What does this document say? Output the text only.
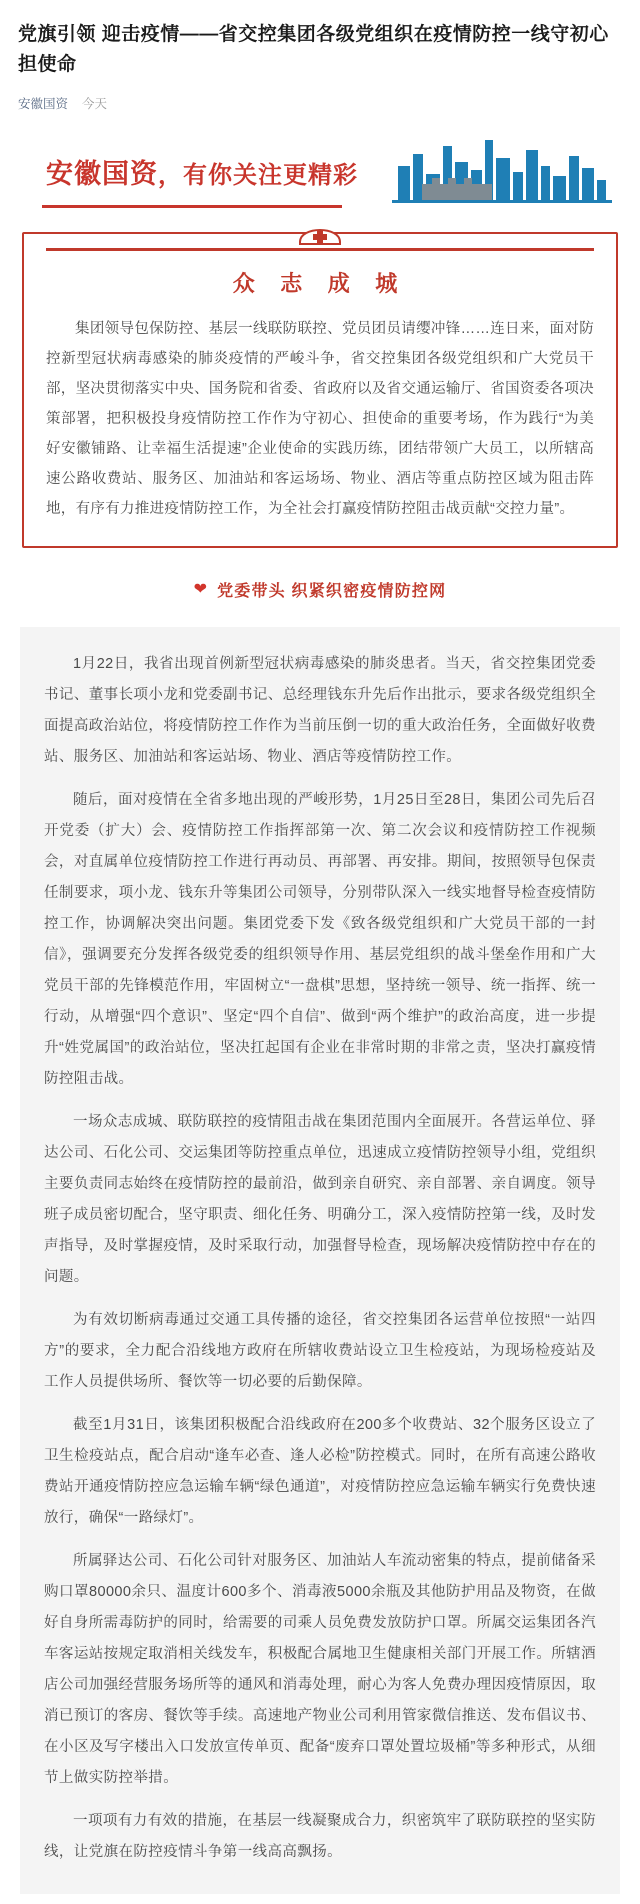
党旗引领 迎击疫情——省交控集团各级党组织在疫情防控一线守初心担使命
安徽国资 今天
安徽国资，有你关注更精彩
众 志 成 城

集团领导包保防控、基层一线联防联控、党员团员请缨冲锋……连日来，面对防控新型冠状病毒感染的肺炎疫情的严峻斗争，省交控集团各级党组织和广大党员干部，坚决贯彻落实中央、国务院和省委、省政府以及省交通运输厅、省国资委各项决策部署，把积极投身疫情防控工作作为守初心、担使命的重要考场，作为践行“为美好安徽铺路、让幸福生活提速”企业使命的实践历练，团结带领广大员工，以所辖高速公路收费站、服务区、加油站和客运场场、物业、酒店等重点防控区域为阻击阵地，有序有力推进疫情防控工作，为全社会打赢疫情防控阻击战贡献“交控力量”。

❤ 党委带头 织紧织密疫情防控网

1月22日，我省出现首例新型冠状病毒感染的肺炎患者。当天，省交控集团党委书记、董事长项小龙和党委副书记、总经理钱东升先后作出批示，要求各级党组织全面提高政治站位，将疫情防控工作作为当前压倒一切的重大政治任务，全面做好收费站、服务区、加油站和客运站场、物业、酒店等疫情防控工作。

随后，面对疫情在全省多地出现的严峻形势，1月25日至28日，集团公司先后召开党委（扩大）会、疫情防控工作指挥部第一次、第二次会议和疫情防控工作视频会，对直属单位疫情防控工作进行再动员、再部署、再安排。期间，按照领导包保责任制要求，项小龙、钱东升等集团公司领导，分别带队深入一线实地督导检查疫情防控工作，协调解决突出问题。集团党委下发《致各级党组织和广大党员干部的一封信》，强调要充分发挥各级党委的组织领导作用、基层党组织的战斗堡垒作用和广大党员干部的先锋模范作用，牢固树立“一盘棋”思想，坚持统一领导、统一指挥、统一行动，从增强“四个意识”、坚定“四个自信”、做到“两个维护”的政治高度，进一步提升“姓党属国”的政治站位，坚决扛起国有企业在非常时期的非常之责，坚决打赢疫情防控阻击战。

一场众志成城、联防联控的疫情阻击战在集团范围内全面展开。各营运单位、驿达公司、石化公司、交运集团等防控重点单位，迅速成立疫情防控领导小组，党组织主要负责同志始终在疫情防控的最前沿，做到亲自研究、亲自部署、亲自调度。领导班子成员密切配合，坚守职责、细化任务、明确分工，深入疫情防控第一线，及时发声指导，及时掌握疫情，及时采取行动，加强督导检查，现场解决疫情防控中存在的问题。

为有效切断病毒通过交通工具传播的途径，省交控集团各运营单位按照“一站四方”的要求，全力配合沿线地方政府在所辖收费站设立卫生检疫站，为现场检疫站及工作人员提供场所、餐饮等一切必要的后勤保障。

截至1月31日，该集团积极配合沿线政府在200多个收费站、32个服务区设立了卫生检疫站点，配合启动“逢车必查、逢人必检”防控模式。同时，在所有高速公路收费站开通疫情防控应急运输车辆“绿色通道”，对疫情防控应急运输车辆实行免费快速放行，确保“一路绿灯”。

所属驿达公司、石化公司针对服务区、加油站人车流动密集的特点，提前储备采购口罩80000余只、温度计600多个、消毒液5000余瓶及其他防护用品及物资，在做好自身所需毒防护的同时，给需要的司乘人员免费发放防护口罩。所属交运集团各汽车客运站按规定取消相关线发车，积极配合属地卫生健康相关部门开展工作。所辖酒店公司加强经营服务场所等的通风和消毒处理，耐心为客人免费办理因疫情原因，取消已预订的客房、餐饮等手续。高速地产物业公司利用管家微信推送、发布倡议书、在小区及写字楼出入口发放宣传单页、配备“废弃口罩处置垃圾桶”等多种形式，从细节上做实防控举措。

一项项有力有效的措施，在基层一线凝聚成合力，织密筑牢了联防联控的坚实防线，让党旗在防控疫情斗争第一线高高飘扬。
